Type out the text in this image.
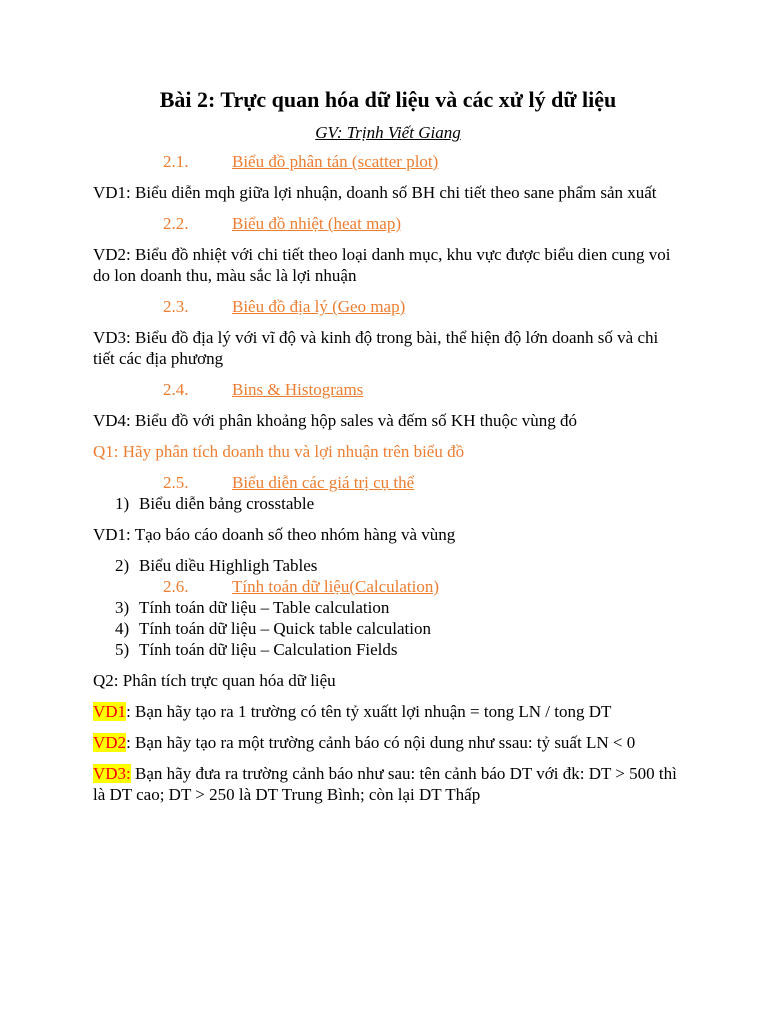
Bài 2: Trực quan hóa dữ liệu và các xử lý dữ liệu
GV: Trịnh Viết Giang
2.1.	Biểu đồ phân tán (scatter plot)
VD1: Biểu diễn mqh giữa lợi nhuận, doanh số BH chi tiết theo sane phẩm sản xuất
2.2.	Biểu đồ nhiệt (heat map)
VD2: Biểu đồ nhiệt với chi tiết theo loại danh mục, khu vực được biểu dien cung voi do lon doanh thu, màu sắc là lợi nhuận
2.3.	Biêu đồ địa lý (Geo map)
VD3: Biểu đồ địa lý với vĩ độ và kinh độ trong bài, thể hiện độ lớn doanh số và chi tiết các địa phương
2.4.	Bins & Histograms
VD4: Biểu đồ với phân khoảng hộp sales và đếm số KH thuộc vùng đó
Q1: Hãy phân tích doanh thu và lợi nhuận trên biểu đồ
2.5.	Biểu diễn các giá trị cụ thể
1) Biểu diễn bảng crosstable
VD1: Tạo báo cáo doanh số theo nhóm hàng và vùng
2) Biểu diều Highligh Tables
2.6.	Tính toán dữ liệu(Calculation)
3) Tính toán dữ liệu – Table calculation
4) Tính toán dữ liệu – Quick table calculation
5) Tính toán dữ liệu – Calculation Fields
Q2: Phân tích trực quan hóa dữ liệu
VD1: Bạn hãy tạo ra 1 trường có tên tỷ xuấtt lợi nhuận = tong LN / tong DT
VD2: Bạn hãy tạo ra một trường cảnh báo có nội dung như ssau: tỷ suất LN < 0
VD3: Bạn hãy đưa ra trường cảnh báo như sau: tên cảnh báo DT với đk: DT > 500 thì là DT cao; DT > 250 là DT Trung Bình; còn lại DT Thấp
